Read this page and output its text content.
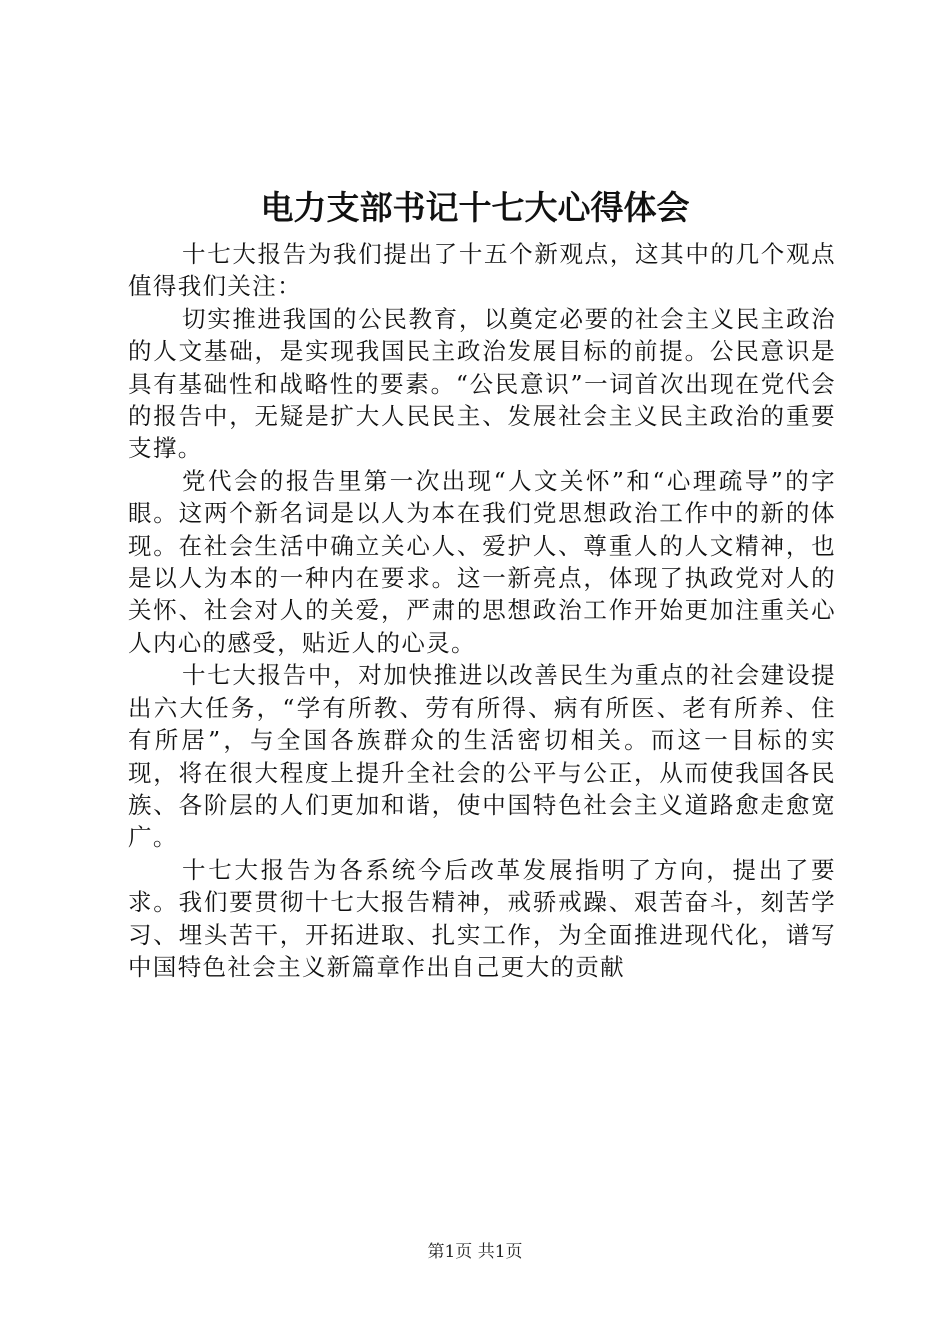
电力支部书记十七大心得体会

十七大报告为我们提出了十五个新观点，这其中的几个观点值得我们关注：

切实推进我国的公民教育，以奠定必要的社会主义民主政治的人文基础，是实现我国民主政治发展目标的前提。公民意识是具有基础性和战略性的要素。“公民意识”一词首次出现在党代会的报告中，无疑是扩大人民民主、发展社会主义民主政治的重要支撑。

党代会的报告里第一次出现“人文关怀”和“心理疏导”的字眼。这两个新名词是以人为本在我们党思想政治工作中的新的体现。在社会生活中确立关心人、爱护人、尊重人的人文精神，也是以人为本的一种内在要求。这一新亮点，体现了执政党对人的关怀、社会对人的关爱，严肃的思想政治工作开始更加注重关心人内心的感受，贴近人的心灵。

十七大报告中，对加快推进以改善民生为重点的社会建设提出六大任务，“学有所教、劳有所得、病有所医、老有所养、住有所居”，与全国各族群众的生活密切相关。而这一目标的实现，将在很大程度上提升全社会的公平与公正，从而使我国各民族、各阶层的人们更加和谐，使中国特色社会主义道路愈走愈宽广。

十七大报告为各系统今后改革发展指明了方向，提出了要求。我们要贯彻十七大报告精神，戒骄戒躁、艰苦奋斗，刻苦学习、埋头苦干，开拓进取、扎实工作，为全面推进现代化，谱写中国特色社会主义新篇章作出自己更大的贡献

第1页 共1页
